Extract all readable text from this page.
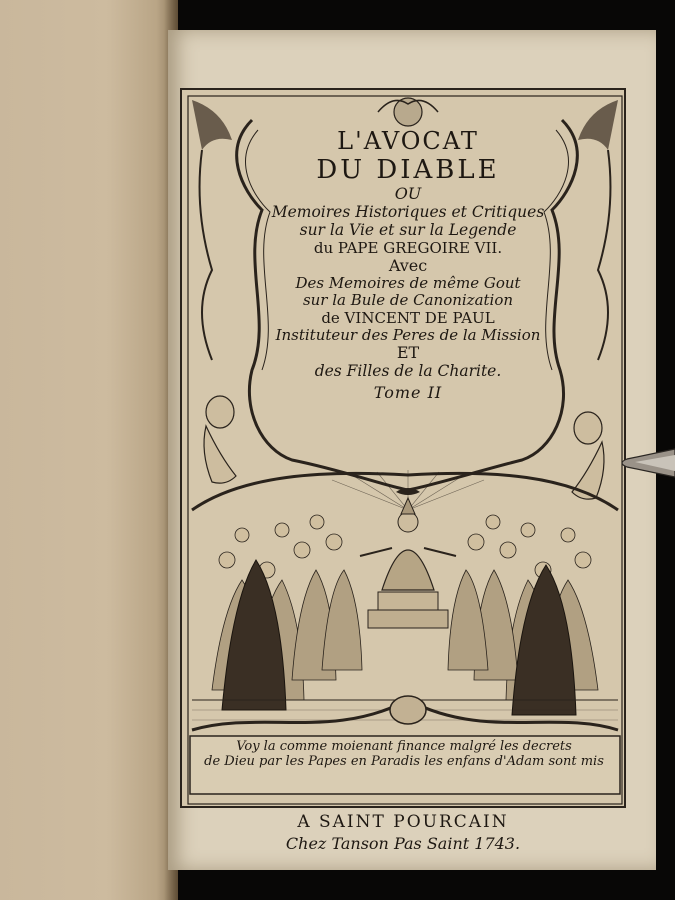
L'AVOCAT
DU DIABLE
OU
Memoires Historiques et Critiques
sur la Vie et sur la Legende
du PAPE GREGOIRE VII.
Avec
Des Memoires de même Gout
sur la Bule de Canonization
de VINCENT DE PAUL
Instituteur des Peres de la Mission
ET
des Filles de la Charite.
Tome II
Voy la comme moienant finance malgré les decrets
de Dieu par les Papes en Paradis les enfans d'Adam sont mis
A SAINT POURCAIN
Chez Tanson Pas Saint 1743.
